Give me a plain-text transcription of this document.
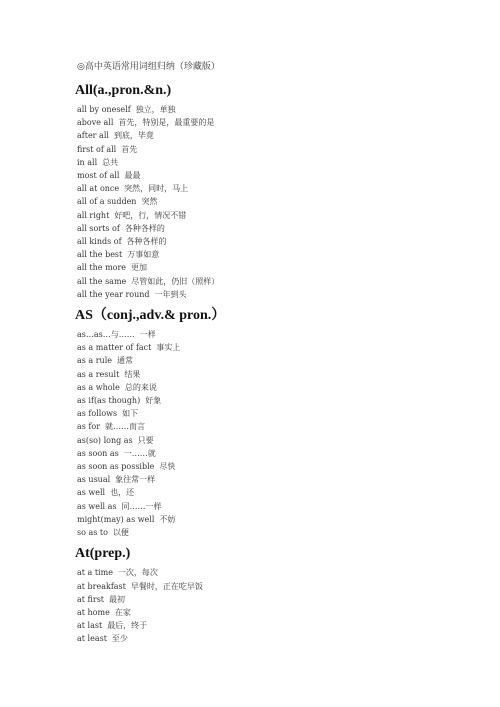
◎高中英语常用词组归纳（珍藏版）
All(a.,pron.&n.)
all by oneself 独立，单独
above all 首先，特别是，最重要的是
after all 到底，毕竟
first of all 首先
in all 总共
most of all 最最
all at once 突然，同时，马上
all of a sudden 突然
all right 好吧，行，情况不错
all sorts of 各种各样的
all kinds of 各种各样的
all the best 万事如意
all the more 更加
all the same 尽管如此，仍旧（照样）
all the year round 一年到头
AS（conj.,adv.& pron.）
as…as…与…… 一样
as a matter of fact 事实上
as a rule 通常
as a result 结果
as a whole 总的来说
as if(as though) 好象
as follows 如下
as for 就……而言
as(so) long as 只要
as soon as 一……就
as soon as possible 尽快
as usual 象往常一样
as well 也，还
as well as 同……一样
might(may) as well 不妨
so as to 以便
At(prep.)
at a time 一次，每次
at breakfast 早餐时，正在吃早饭
at first 最初
at home 在家
at last 最后，终于
at least 至少
